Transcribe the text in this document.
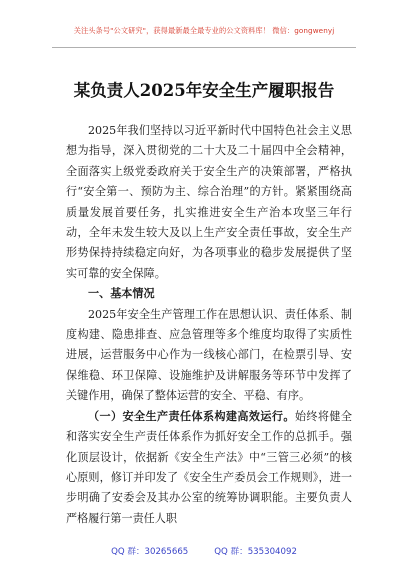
关注头条号"公文研究"，获得最新最全最专业的公文资料库！ 微信：gongwenyj
某负责人2025年安全生产履职报告

2025年我们坚持以习近平新时代中国特色社会主义思想为指导，深入贯彻党的二十大及二十届四中全会精神，全面落实上级党委政府关于安全生产的决策部署，严格执行“安全第一、预防为主、综合治理”的方针。紧紧围绕高质量发展首要任务，扎实推进安全生产治本攻坚三年行动，全年未发生较大及以上生产安全责任事故，安全生产形势保持持续稳定向好，为各项事业的稳步发展提供了坚实可靠的安全保障。

一、基本情况

2025年安全生产管理工作在思想认识、责任体系、制度构建、隐患排查、应急管理等多个维度均取得了实质性进展，运营服务中心作为一线核心部门，在检票引导、安保维稳、环卫保障、设施维护及讲解服务等环节中发挥了关键作用，确保了整体运营的安全、平稳、有序。

（一）安全生产责任体系构建高效运行。始终将健全和落实安全生产责任体系作为抓好安全工作的总抓手。强化顶层设计，依据新《安全生产法》中“三管三必须”的核心原则，修订并印发了《安全生产委员会工作规则》，进一步明确了安委会及其办公室的统筹协调职能。主要负责人严格履行第一责任人职

QQ 群：30265665	QQ 群：535304092
